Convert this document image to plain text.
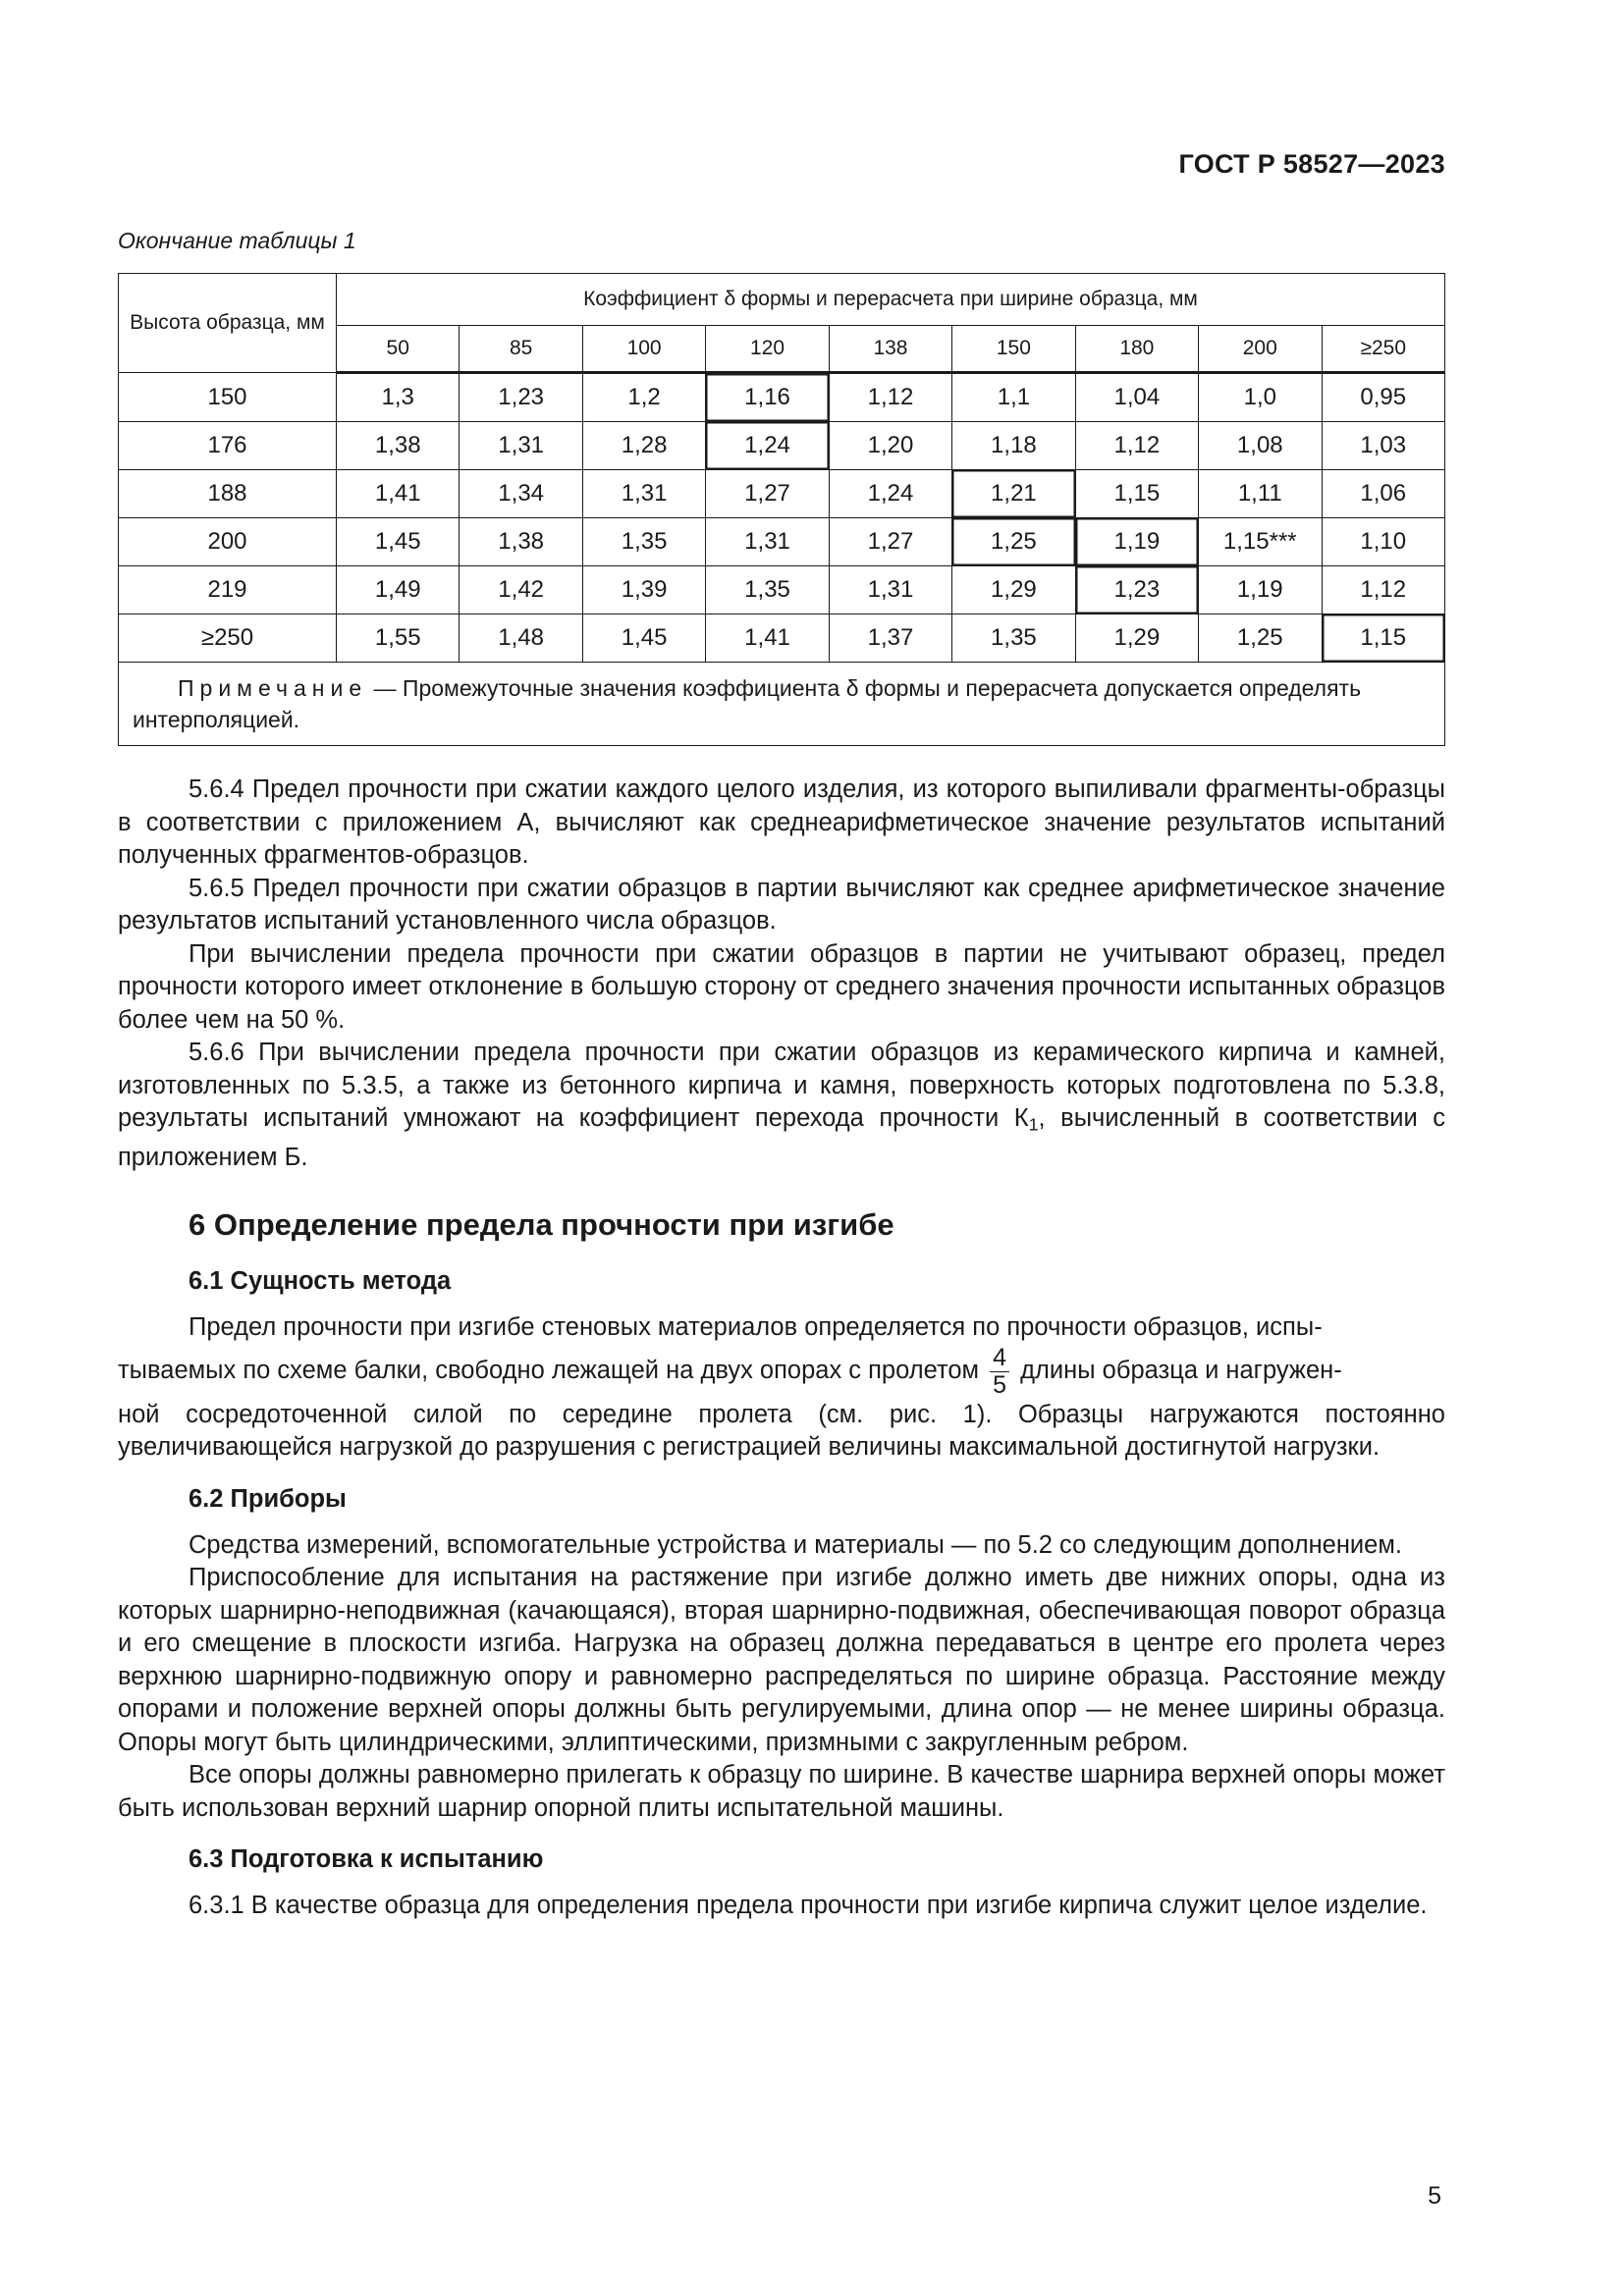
ГОСТ Р 58527—2023
Окончание таблицы 1
Высота образца, мм	Коэффициент δ формы и перерасчета при ширине образца, мм								
	50	85	100	120	138	150	180	200	≥250
150	1,3	1,23	1,2	1,16	1,12	1,1	1,04	1,0	0,95
176	1,38	1,31	1,28	1,24	1,20	1,18	1,12	1,08	1,03
188	1,41	1,34	1,31	1,27	1,24	1,21	1,15	1,11	1,06
200	1,45	1,38	1,35	1,31	1,27	1,25	1,19	1,15***	1,10
219	1,49	1,42	1,39	1,35	1,31	1,29	1,23	1,19	1,12
≥250	1,55	1,48	1,45	1,41	1,37	1,35	1,29	1,25	1,15
Примечание — Промежуточные значения коэффициента δ формы и перерасчета допускается определять интерполяцией.									

5.6.4 Предел прочности при сжатии каждого целого изделия, из которого выпиливали фрагменты-образцы в соответствии с приложением А, вычисляют как среднеарифметическое значение результатов испытаний полученных фрагментов-образцов.

5.6.5 Предел прочности при сжатии образцов в партии вычисляют как среднее арифметическое значение результатов испытаний установленного числа образцов.

При вычислении предела прочности при сжатии образцов в партии не учитывают образец, предел прочности которого имеет отклонение в большую сторону от среднего значения прочности испытанных образцов более чем на 50 %.

5.6.6 При вычислении предела прочности при сжатии образцов из керамического кирпича и камней, изготовленных по 5.3.5, а также из бетонного кирпича и камня, поверхность которых подготовлена по 5.3.8, результаты испытаний умножают на коэффициент перехода прочности $К_1$, вычисленный в соответствии с приложением Б.

6 Определение предела прочности при изгибе
6.1 Сущность метода

Предел прочности при изгибе стеновых материалов определяется по прочности образцов, испы-

тываемых по схеме балки, свободно лежащей на двух опорах с пролетом $\frac{4}{5}$ длины образца и нагружен-

ной сосредоточенной силой по середине пролета (см. рис. 1). Образцы нагружаются постоянно увеличивающейся нагрузкой до разрушения с регистрацией величины максимальной достигнутой нагрузки.

6.2 Приборы

Средства измерений, вспомогательные устройства и материалы — по 5.2 со следующим дополнением.

Приспособление для испытания на растяжение при изгибе должно иметь две нижних опоры, одна из которых шарнирно-неподвижная (качающаяся), вторая шарнирно-подвижная, обеспечивающая поворот образца и его смещение в плоскости изгиба. Нагрузка на образец должна передаваться в центре его пролета через верхнюю шарнирно-подвижную опору и равномерно распределяться по ширине образца. Расстояние между опорами и положение верхней опоры должны быть регулируемыми, длина опор — не менее ширины образца. Опоры могут быть цилиндрическими, эллиптическими, призмными с закругленным ребром.

Все опоры должны равномерно прилегать к образцу по ширине. В качестве шарнира верхней опоры может быть использован верхний шарнир опорной плиты испытательной машины.

6.3 Подготовка к испытанию

6.3.1 В качестве образца для определения предела прочности при изгибе кирпича служит целое изделие.

5
